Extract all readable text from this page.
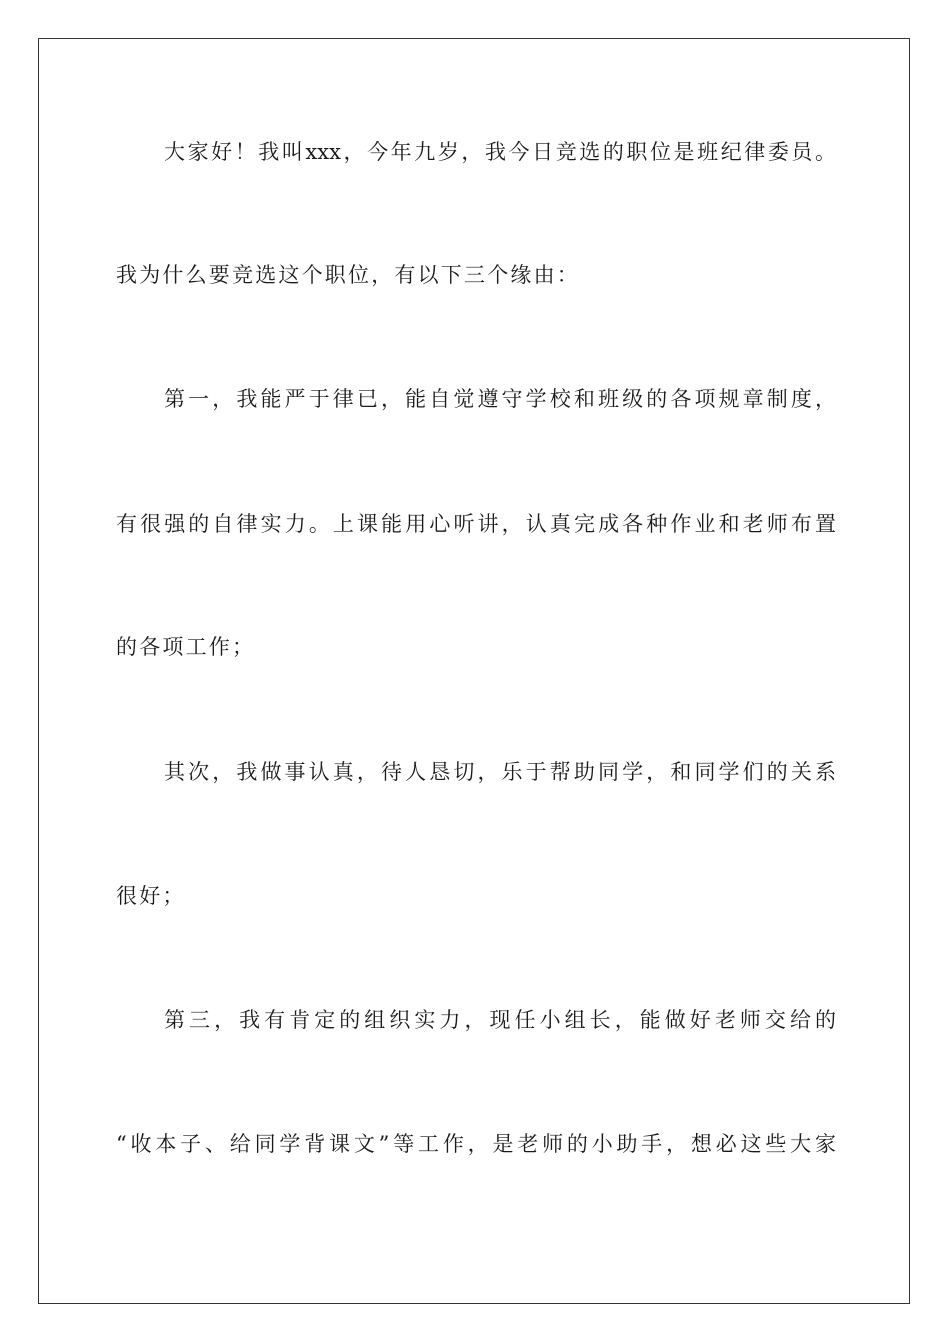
大家好！我叫xxx，今年九岁，我今日竞选的职位是班纪律委员。
我为什么要竞选这个职位，有以下三个缘由：
第一，我能严于律已，能自觉遵守学校和班级的各项规章制度，
有很强的自律实力。上课能用心听讲，认真完成各种作业和老师布置
的各项工作；
其次，我做事认真，待人恳切，乐于帮助同学，和同学们的关系
很好；
第三，我有肯定的组织实力，现任小组长，能做好老师交给的
“收本子、给同学背课文”等工作，是老师的小助手，想必这些大家
